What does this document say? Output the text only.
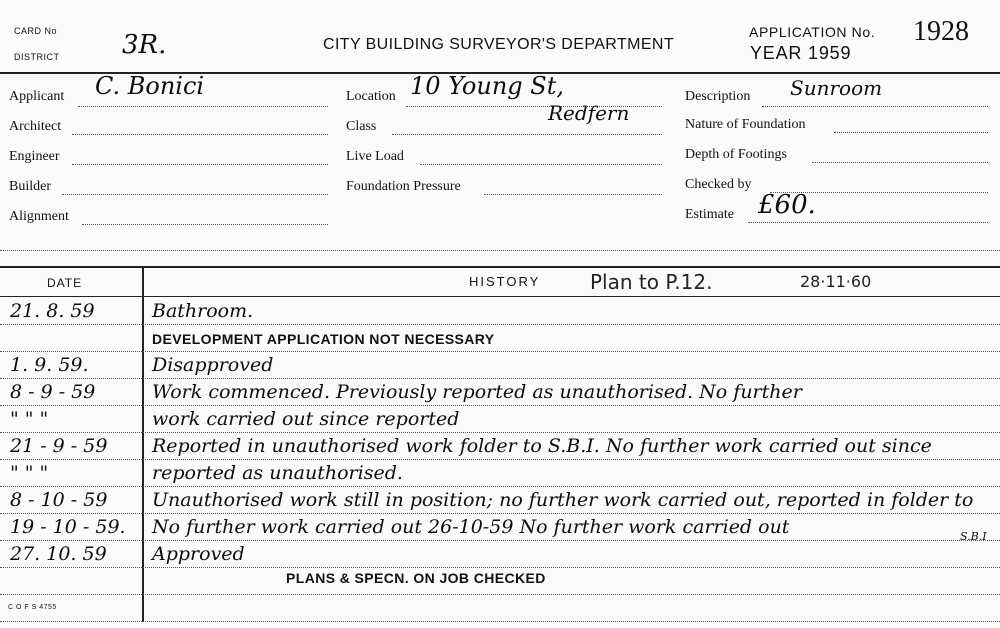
CARD No
DISTRICT 3R.	CITY BUILDING SURVEYOR'S DEPARTMENT
APPLICATION No.
YEAR 1959
1928
Applicant C. Bonici
Architect
Engineer
Builder
Alignment
Location 10 Young St,
Class
Redfern
Live Load
Foundation Pressure
Description Sunroom
Nature of Foundation
Depth of Footings
Checked by
Estimate £60.
DATE	HISTORY Plan to P.12.	28·11·60
21. 8. 59	Bathroom.
DEVELOPMENT APPLICATION NOT NECESSARY
1. 9. 59.	Disapproved
8 - 9 - 59	Work commenced. Previously reported as unauthorised. No further
" " "	work carried out since reported
21 - 9 - 59 Reported in unauthorised work folder to S.B.I. No further work carried out since
" " "	reported as unauthorised.
8 - 10 - 59 Unauthorised work still in position; no further work carried out, reported in folder to
19 - 10 - 59. No further work carried out 26-10-59 No further work carried out
27. 10. 59 Approved
S.B.I
PLANS & SPECN. ON JOB CHECKED
C O F S 4755
